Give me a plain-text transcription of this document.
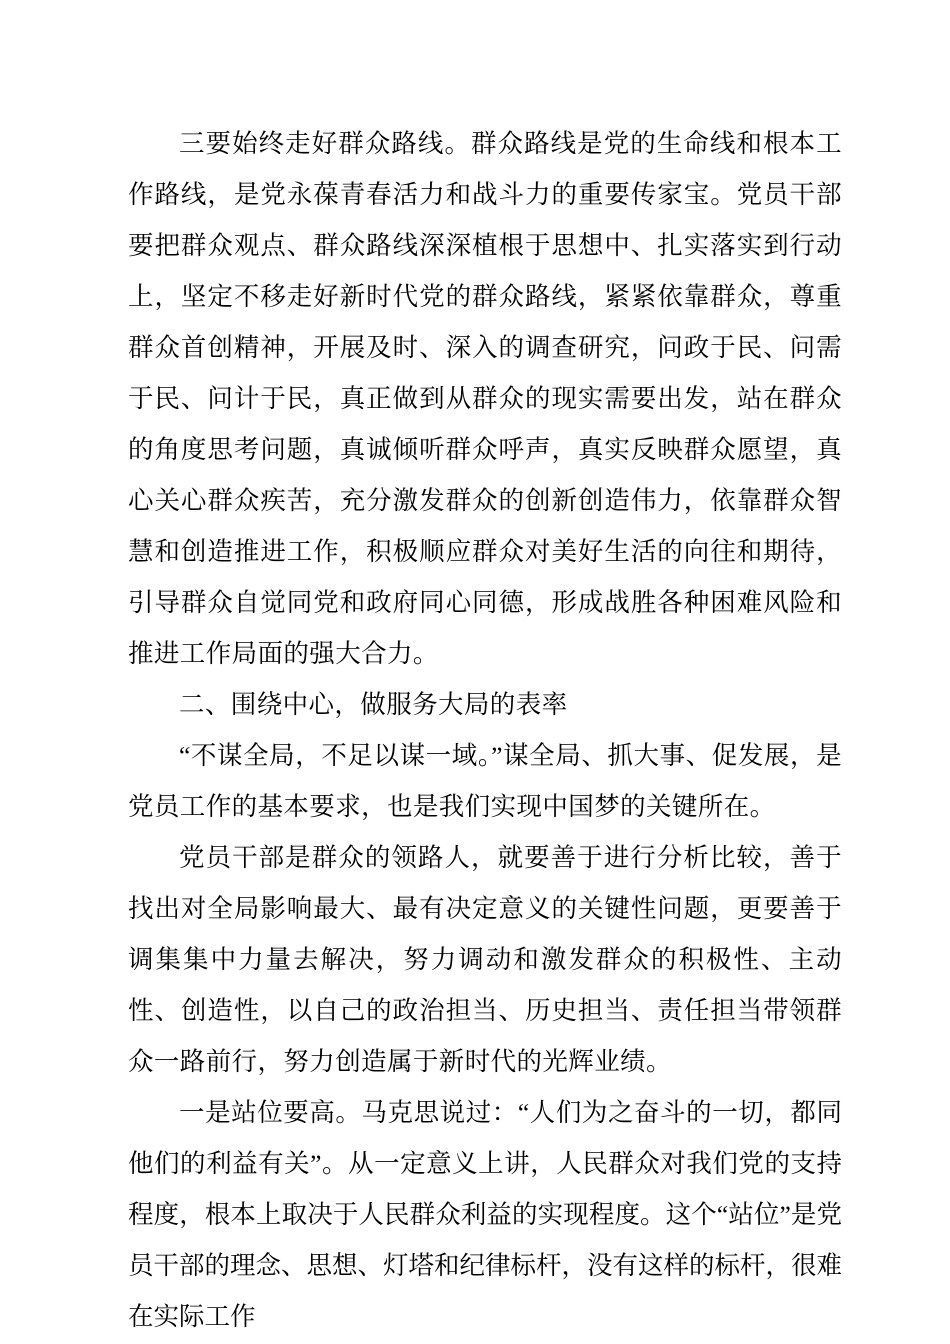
三要始终走好群众路线。群众路线是党的生命线和根本工作路线，是党永葆青春活力和战斗力的重要传家宝。党员干部要把群众观点、群众路线深深植根于思想中、扎实落实到行动上，坚定不移走好新时代党的群众路线，紧紧依靠群众，尊重群众首创精神，开展及时、深入的调查研究，问政于民、问需于民、问计于民，真正做到从群众的现实需要出发，站在群众的角度思考问题，真诚倾听群众呼声，真实反映群众愿望，真心关心群众疾苦，充分激发群众的创新创造伟力，依靠群众智慧和创造推进工作，积极顺应群众对美好生活的向往和期待，引导群众自觉同党和政府同心同德，形成战胜各种困难风险和推进工作局面的强大合力。

二、围绕中心，做服务大局的表率

“不谋全局，不足以谋一域。”谋全局、抓大事、促发展，是党员工作的基本要求，也是我们实现中国梦的关键所在。

党员干部是群众的领路人，就要善于进行分析比较，善于找出对全局影响最大、最有决定意义的关键性问题，更要善于调集集中力量去解决，努力调动和激发群众的积极性、主动性、创造性，以自己的政治担当、历史担当、责任担当带领群众一路前行，努力创造属于新时代的光辉业绩。

一是站位要高。马克思说过：“人们为之奋斗的一切，都同他们的利益有关”。从一定意义上讲，人民群众对我们党的支持程度，根本上取决于人民群众利益的实现程度。这个“站位”是党员干部的理念、思想、灯塔和纪律标杆，没有这样的标杆，很难在实际工作
